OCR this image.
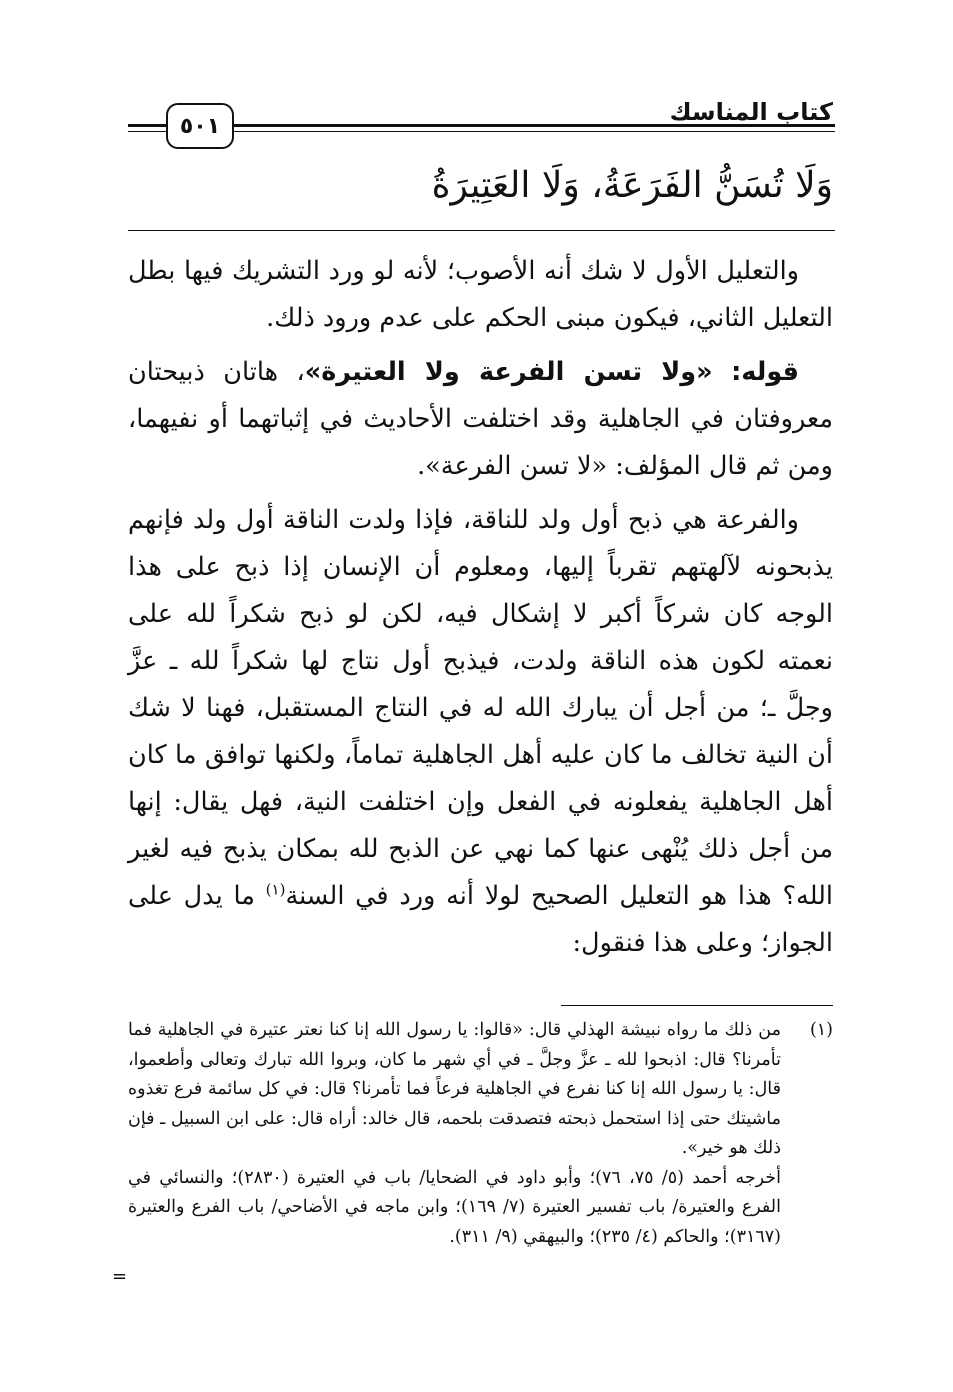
كتاب المناسك
٥٠١
وَلَا تُسَنُّ الفَرَعَةُ، وَلَا العَتِيرَةُ

والتعليل الأول لا شك أنه الأصوب؛ لأنه لو ورد التشريك فيها بطل التعليل الثاني، فيكون مبنى الحكم على عدم ورود ذلك.

قوله: «ولا تسن الفرعة ولا العتيرة»، هاتان ذبيحتان معروفتان في الجاهلية وقد اختلفت الأحاديث في إثباتهما أو نفيهما، ومن ثم قال المؤلف: «لا تسن الفرعة».

والفرعة هي ذبح أول ولد للناقة، فإذا ولدت الناقة أول ولد فإنهم يذبحونه لآلهتهم تقرباً إليها، ومعلوم أن الإنسان إذا ذبح على هذا الوجه كان شركاً أكبر لا إشكال فيه، لكن لو ذبح شكراً لله على نعمته لكون هذه الناقة ولدت، فيذبح أول نتاج لها شكراً لله ـ عزَّ وجلَّ ـ؛ من أجل أن يبارك الله له في النتاج المستقبل، فهنا لا شك أن النية تخالف ما كان عليه أهل الجاهلية تماماً، ولكنها توافق ما كان أهل الجاهلية يفعلونه في الفعل وإن اختلفت النية، فهل يقال: إنها من أجل ذلك يُنْهى عنها كما نهي عن الذبح لله بمكان يذبح فيه لغير الله؟ هذا هو التعليل الصحيح لولا أنه ورد في السنة$^{(١)}$ ما يدل على الجواز؛ وعلى هذا فنقول:

(١)

من ذلك ما رواه نبيشة الهذلي قال: «قالوا: يا رسول الله إنا كنا نعتر عتيرة في الجاهلية فما تأمرنا؟ قال: اذبحوا لله ـ عزَّ وجلَّ ـ في أي شهر ما كان، وبروا الله تبارك وتعالى وأطعموا، قال: يا رسول الله إنا كنا نفرع في الجاهلية فرعاً فما تأمرنا؟ قال: في كل سائمة فرع تغذوه ماشيتك حتى إذا استحمل ذبحته فتصدقت بلحمه، قال خالد: أراه قال: على ابن السبيل ـ فإن ذلك هو خير».

أخرجه أحمد (٥/ ٧٥، ٧٦)؛ وأبو داود في الضحايا/ باب في العتيرة (٢٨٣٠)؛ والنسائي في الفرع والعتيرة/ باب تفسير العتيرة (٧/ ١٦٩)؛ وابن ماجه في الأضاحي/ باب الفرع والعتيرة (٣١٦٧)؛ والحاكم (٤/ ٢٣٥)؛ والبيهقي (٩/ ٣١١).

=
